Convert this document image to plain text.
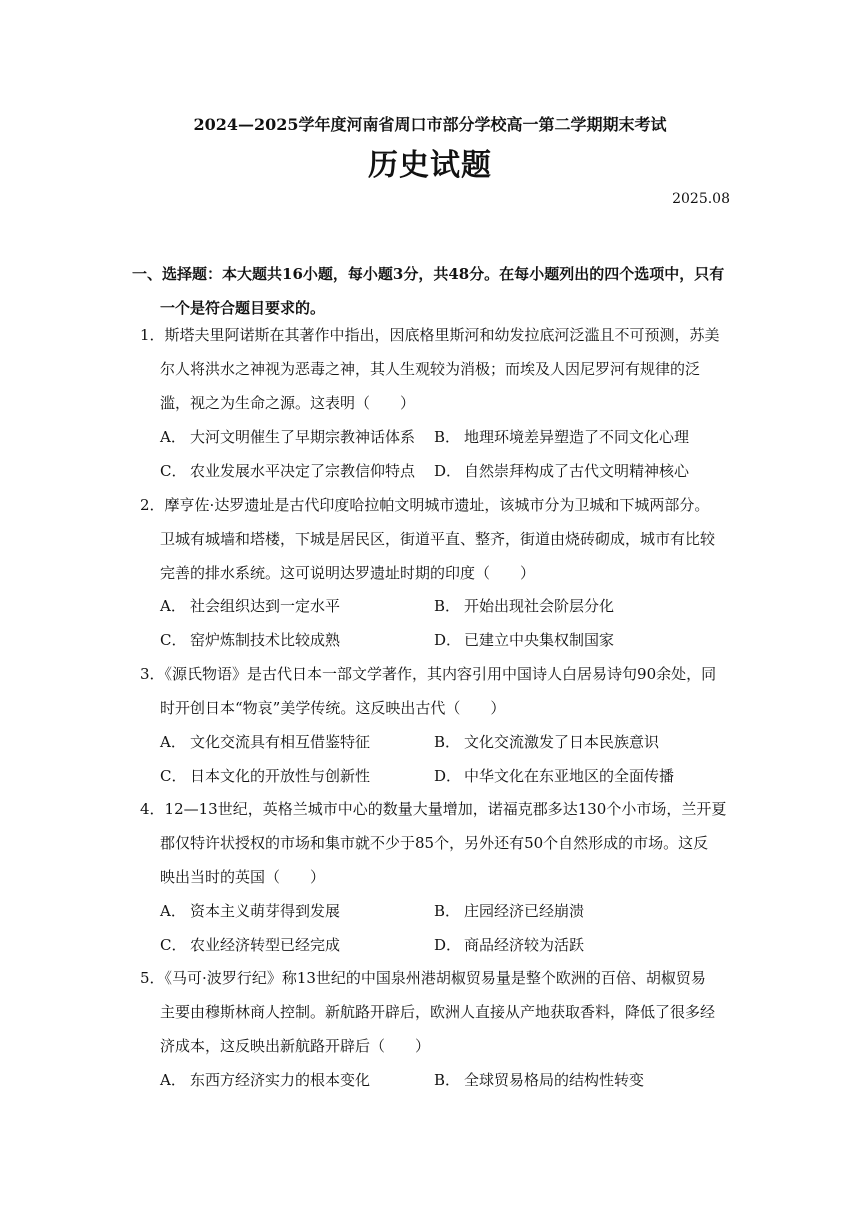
2024—2025学年度河南省周口市部分学校高一第二学期期末考试
历史试题
2025.08
一、选择题：本大题共16小题，每小题3分，共48分。在每小题列出的四个选项中，只有
一个是符合题目要求的。
1．斯塔夫里阿诺斯在其著作中指出，因底格里斯河和幼发拉底河泛滥且不可预测，苏美
尔人将洪水之神视为恶毒之神，其人生观较为消极；而埃及人因尼罗河有规律的泛
滥，视之为生命之源。这表明（　　）
A． 大河文明催生了早期宗教神话体系	B． 地理环境差异塑造了不同文化心理
C． 农业发展水平决定了宗教信仰特点	D． 自然崇拜构成了古代文明精神核心
2．摩亨佐·达罗遗址是古代印度哈拉帕文明城市遗址，该城市分为卫城和下城两部分。
卫城有城墙和塔楼，下城是居民区，街道平直、整齐，街道由烧砖砌成，城市有比较
完善的排水系统。这可说明达罗遗址时期的印度（　　）
A． 社会组织达到一定水平	B． 开始出现社会阶层分化
C． 窑炉炼制技术比较成熟	D． 已建立中央集权制国家
3．《源氏物语》是古代日本一部文学著作，其内容引用中国诗人白居易诗句90余处，同
时开创日本“物哀”美学传统。这反映出古代（　　）
A． 文化交流具有相互借鉴特征	B． 文化交流激发了日本民族意识
C． 日本文化的开放性与创新性	D． 中华文化在东亚地区的全面传播
4．12—13世纪，英格兰城市中心的数量大量增加，诺福克郡多达130个小市场，兰开夏
郡仅特许状授权的市场和集市就不少于85个，另外还有50个自然形成的市场。这反
映出当时的英国（　　）
A． 资本主义萌芽得到发展	B． 庄园经济已经崩溃
C． 农业经济转型已经完成	D． 商品经济较为活跃
5．《马可·波罗行纪》称13世纪的中国泉州港胡椒贸易量是整个欧洲的百倍、胡椒贸易
主要由穆斯林商人控制。新航路开辟后，欧洲人直接从产地获取香料，降低了很多经
济成本，这反映出新航路开辟后（　　）
A． 东西方经济实力的根本变化	B． 全球贸易格局的结构性转变
